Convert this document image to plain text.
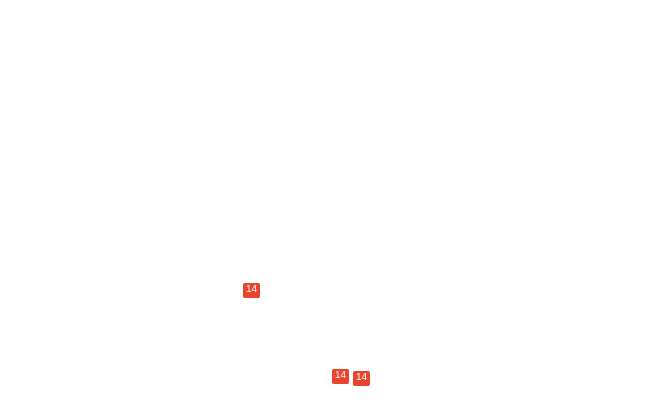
14
14 14
